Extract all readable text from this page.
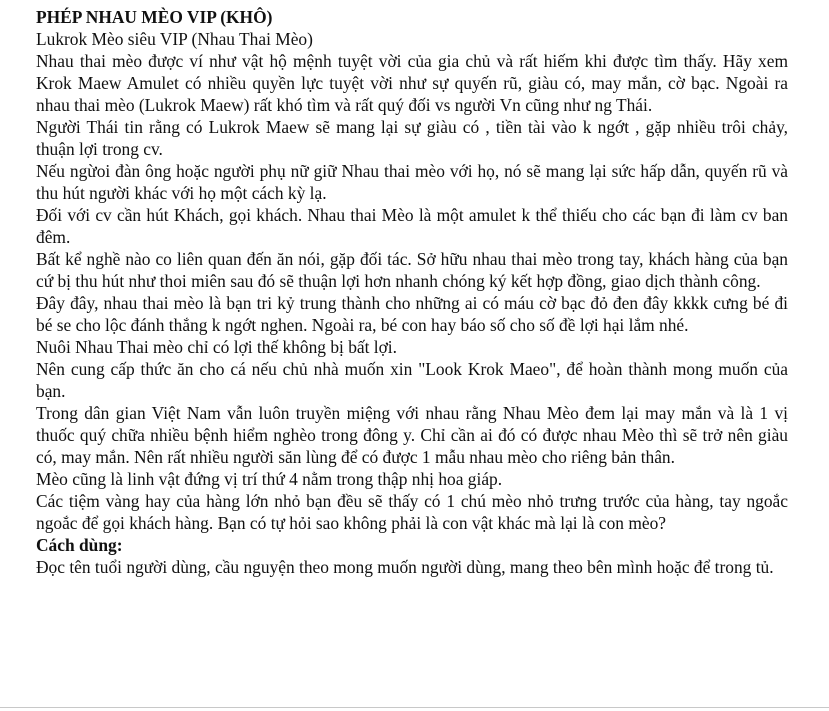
PHÉP NHAU MÈO VIP (KHÔ)

Lukrok Mèo siêu VIP (Nhau Thai Mèo)

Nhau thai mèo được ví như vật hộ mệnh tuyệt vời của gia chủ và rất hiếm khi được tìm thấy. Hãy xem Krok Maew Amulet có nhiều quyền lực tuyệt vời như sự quyến rũ, giàu có, may mắn, cờ bạc. Ngoài ra nhau thai mèo (Lukrok Maew) rất khó tìm và rất quý đối vs người Vn cũng như ng Thái.

Người Thái tin rằng có Lukrok Maew sẽ mang lại sự giàu có , tiền tài vào k ngớt , gặp nhiều trôi chảy, thuận lợi trong cv.

Nếu ngừoi đàn ông hoặc người phụ nữ giữ Nhau thai mèo với họ, nó sẽ mang lại sức hấp dẫn, quyến rũ và thu hút người khác với họ một cách kỳ lạ.

Đối với cv cần hút Khách, gọi khách. Nhau thai Mèo là một amulet k thể thiếu cho các bạn đi làm cv ban đêm.

Bất kể nghề nào co liên quan đến ăn nói, gặp đối tác. Sở hữu nhau thai mèo trong tay, khách hàng của bạn cứ bị thu hút như thoi miên sau đó sẽ thuận lợi hơn nhanh chóng ký kết hợp đồng, giao dịch thành công.

Đây đây, nhau thai mèo là bạn tri kỷ trung thành cho những ai có máu cờ bạc đỏ đen đây kkkk cưng bé đi bé se cho lộc đánh thắng k ngớt nghen. Ngoài ra, bé con hay báo số cho số đề lợi hại lắm nhé.

Nuôi Nhau Thai mèo chỉ có lợi thế không bị bất lợi.

Nên cung cấp thức ăn cho cá nếu chủ nhà muốn xin "Look Krok Maeo", để hoàn thành mong muốn của bạn.

Trong dân gian Việt Nam vẫn luôn truyền miệng với nhau rằng Nhau Mèo đem lại may mắn và là 1 vị thuốc quý chữa nhiều bệnh hiểm nghèo trong đông y. Chỉ cần ai đó có được nhau Mèo thì sẽ trở nên giàu có, may mắn. Nên rất nhiều người săn lùng để có được 1 mẫu nhau mèo cho riêng bản thân.

Mèo cũng là linh vật đứng vị trí thứ 4 nằm trong thập nhị hoa giáp.

Các tiệm vàng hay của hàng lớn nhỏ bạn đều sẽ thấy có 1 chú mèo nhỏ trưng trước của hàng, tay ngoắc ngoắc để gọi khách hàng. Bạn có tự hỏi sao không phải là con vật khác mà lại là con mèo?

Cách dùng:

Đọc tên tuổi người dùng, cầu nguyện theo mong muốn người dùng, mang theo bên mình hoặc để trong tủ.
